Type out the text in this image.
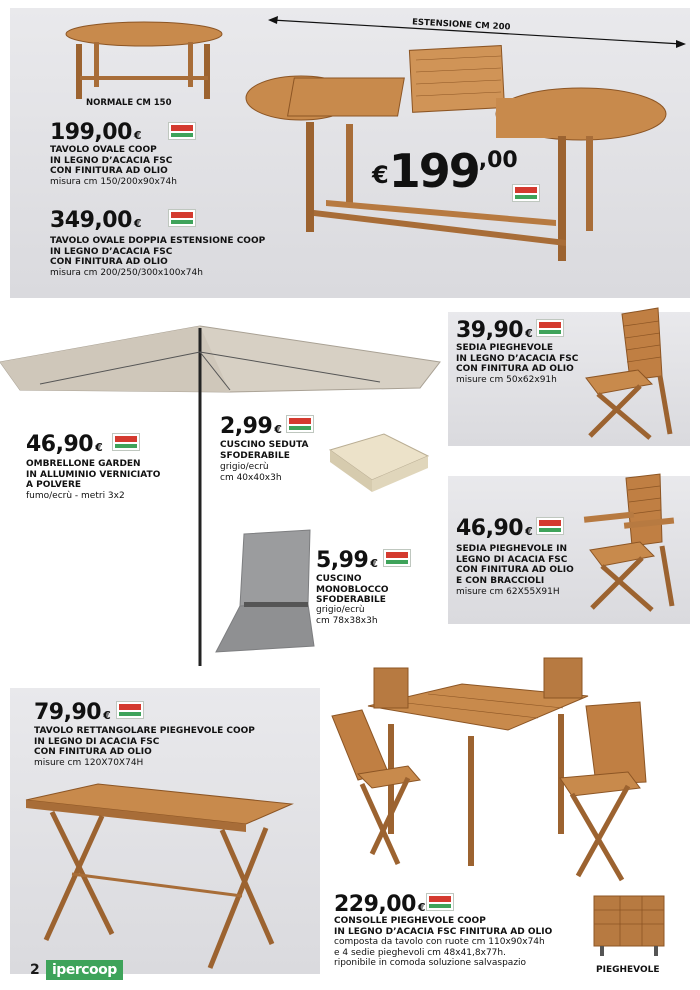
ESTENSIONE CM 200
NORMALE CM 150
$€199^{,00}$
199,00 €
TAVOLO OVALE COOP
IN LEGNO D’ACACIA FSC
CON FINITURA AD OLIO
misura cm 150/200x90x74h
349,00 €
TAVOLO OVALE DOPPIA ESTENSIONE COOP
IN LEGNO D’ACACIA FSC
CON FINITURA AD OLIO
misura cm 200/250/300x100x74h
39,90 €
SEDIA PIEGHEVOLE
IN LEGNO D’ACACIA FSC
CON FINITURA AD OLIO
misure cm 50x62x91h
46,90 €
SEDIA PIEGHEVOLE IN
LEGNO DI ACACIA FSC
CON FINITURA AD OLIO
E CON BRACCIOLI
misure cm 62X55X91H
46,90 €
OMBRELLONE GARDEN
IN ALLUMINIO VERNICIATO
A POLVERE
fumo/ecrù - metri 3x2
2,99 €
CUSCINO SEDUTA
SFODERABILE
grigio/ecrù
cm 40x40x3h
5,99 €
CUSCINO
MONOBLOCCO
SFODERABILE
grigio/ecrù
cm 78x38x3h
79,90 €
TAVOLO RETTANGOLARE PIEGHEVOLE COOP
IN LEGNO DI ACACIA FSC
CON FINITURA AD OLIO
misure cm 120X70X74H
229,00 €
CONSOLLE PIEGHEVOLE COOP
IN LEGNO D’ACACIA FSC FINITURA AD OLIO
composta da tavolo con ruote cm 110x90x74h
e 4 sedie pieghevoli cm 48x41,8x77h.
riponibile in comoda soluzione salvaspazio
PIEGHEVOLE
2 ipercoop
